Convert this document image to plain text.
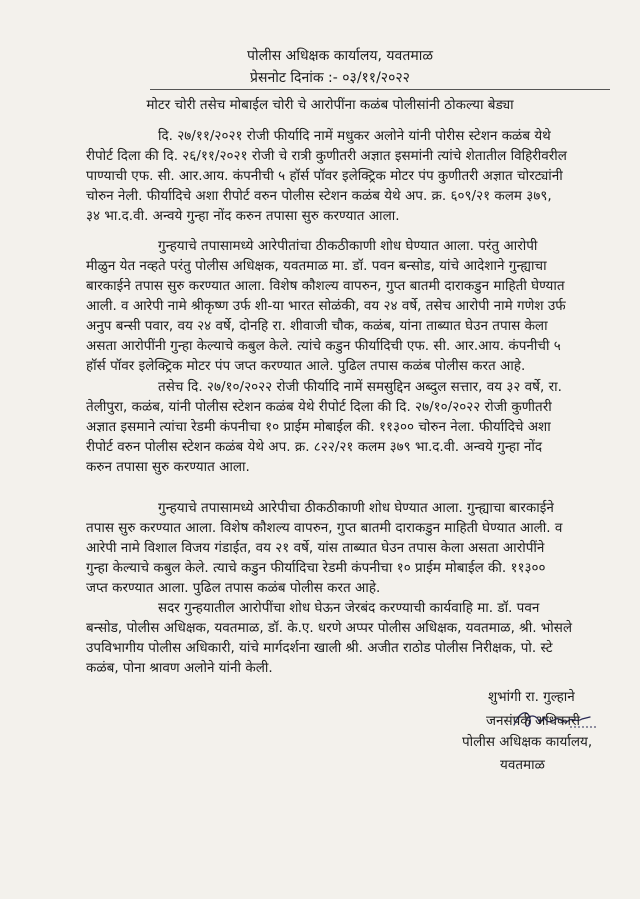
पोलीस अधिक्षक कार्यालय, यवतमाळ
प्रेसनोट दिनांक :- ०३/११/२०२२
मोटर चोरी तसेच मोबाईल चोरी चे आरोपींना कळंब पोलीसांनी ठोकल्या बेड्या
दि. २७/११/२०२१ रोजी फीर्यादि नामें मधुकर अलोने यांनी पोरीस स्टेशन कळंब येथे
रीपोर्ट दिला की दि. २६/११/२०२१ रोजी चे रात्री कुणीतरी अज्ञात इसमांनी त्यांचे शेतातील विहिरीवरील
पाण्याची एफ. सी. आर.आय. कंपनीची ५ हॉर्स पॉवर इलेक्ट्रिक मोटर पंप कुणीतरी अज्ञात चोरट्यांनी
चोरुन नेली. फीर्यादिचे अशा रीपोर्ट वरुन पोलीस स्टेशन कळंब येथे अप. क्र. ६०९/२१ कलम ३७९,
३४ भा.द.वी. अन्वये गुन्हा नोंद करुन तपासा सुरु करण्यात आला.
गुन्हयाचे तपासामध्ये आरेपीतांचा ठीकठीकाणी शोध घेण्यात आला. परंतु आरोपी
मीळुन येत नव्हते परंतु पोलीस अधिक्षक, यवतमाळ मा. डॉ. पवन बन्सोड, यांचे आदेशाने गुन्ह्याचा
बारकाईने तपास सुरु करण्यात आला. विशेष कौशल्य वापरुन, गुप्त बातमी दाराकडुन माहिती घेण्यात
आली. व आरेपी नामे श्रीकृष्ण उर्फ शी-या भारत सोळंकी, वय २४ वर्षे, तसेच आरोपी नामे गणेश उर्फ
अनुप बन्सी पवार, वय २४ वर्षे, दोनहि रा. शीवाजी चौक, कळंब, यांना ताब्यात घेउन तपास केला
असता आरोपींनी गुन्हा केल्याचे कबुल केले. त्यांचे कडुन फीर्यादिची एफ. सी. आर.आय. कंपनीची ५
हॉर्स पॉवर इलेक्ट्रिक मोटर पंप जप्त करण्यात आले. पुढिल तपास कळंब पोलीस करत आहे.
तसेच दि. २७/१०/२०२२ रोजी फीर्यादि नामें समसुद्दिन अब्दुल सत्तार, वय ३२ वर्षे, रा.
तेलीपुरा, कळंब, यांनी पोलीस स्टेशन कळंब येथे रीपोर्ट दिला की दि. २७/१०/२०२२ रोजी कुणीतरी
अज्ञात इसमाने त्यांचा रेडमी कंपनीचा १० प्राईम मोबाईल की. ११३०० चोरुन नेला. फीर्यादिचे अशा
रीपोर्ट वरुन पोलीस स्टेशन कळंब येथे अप. क्र. ८२२/२१ कलम ३७९ भा.द.वी. अन्वये गुन्हा नोंद
करुन तपासा सुरु करण्यात आला.
गुन्हयाचे तपासामध्ये आरेपीचा ठीकठीकाणी शोध घेण्यात आला. गुन्ह्याचा बारकाईने
तपास सुरु करण्यात आला. विशेष कौशल्य वापरुन, गुप्त बातमी दाराकडुन माहिती घेण्यात आली. व
आरेपी नामे विशाल विजय गंडाईत, वय २१ वर्षे, यांस ताब्यात घेउन तपास केला असता आरोपींने
गुन्हा केल्याचे कबुल केले. त्याचे कडुन फीर्यादिचा रेडमी कंपनीचा १० प्राईम मोबाईल की. ११३००
जप्त करण्यात आला. पुढिल तपास कळंब पोलीस करत आहे.
सदर गुन्हयातील आरोपींचा शोध घेऊन जेरबंद करण्याची कार्यवाहि मा. डॉ. पवन
बन्सोड, पोलीस अधिक्षक, यवतमाळ, डॉ. के.ए. धरणे अप्पर पोलीस अधिक्षक, यवतमाळ, श्री. भोसले
उपविभागीय पोलीस अधिकारी, यांचे मार्गदर्शना खाली श्री. अजीत राठोड पोलीस निरीक्षक, पो. स्टे
कळंब, पोना श्रावण अलोने यांनी केली.
शुभांगी रा. गुल्हाने
जनसंपर्क अधिकारी
पोलीस अधिक्षक कार्यालय,
यवतमाळ
